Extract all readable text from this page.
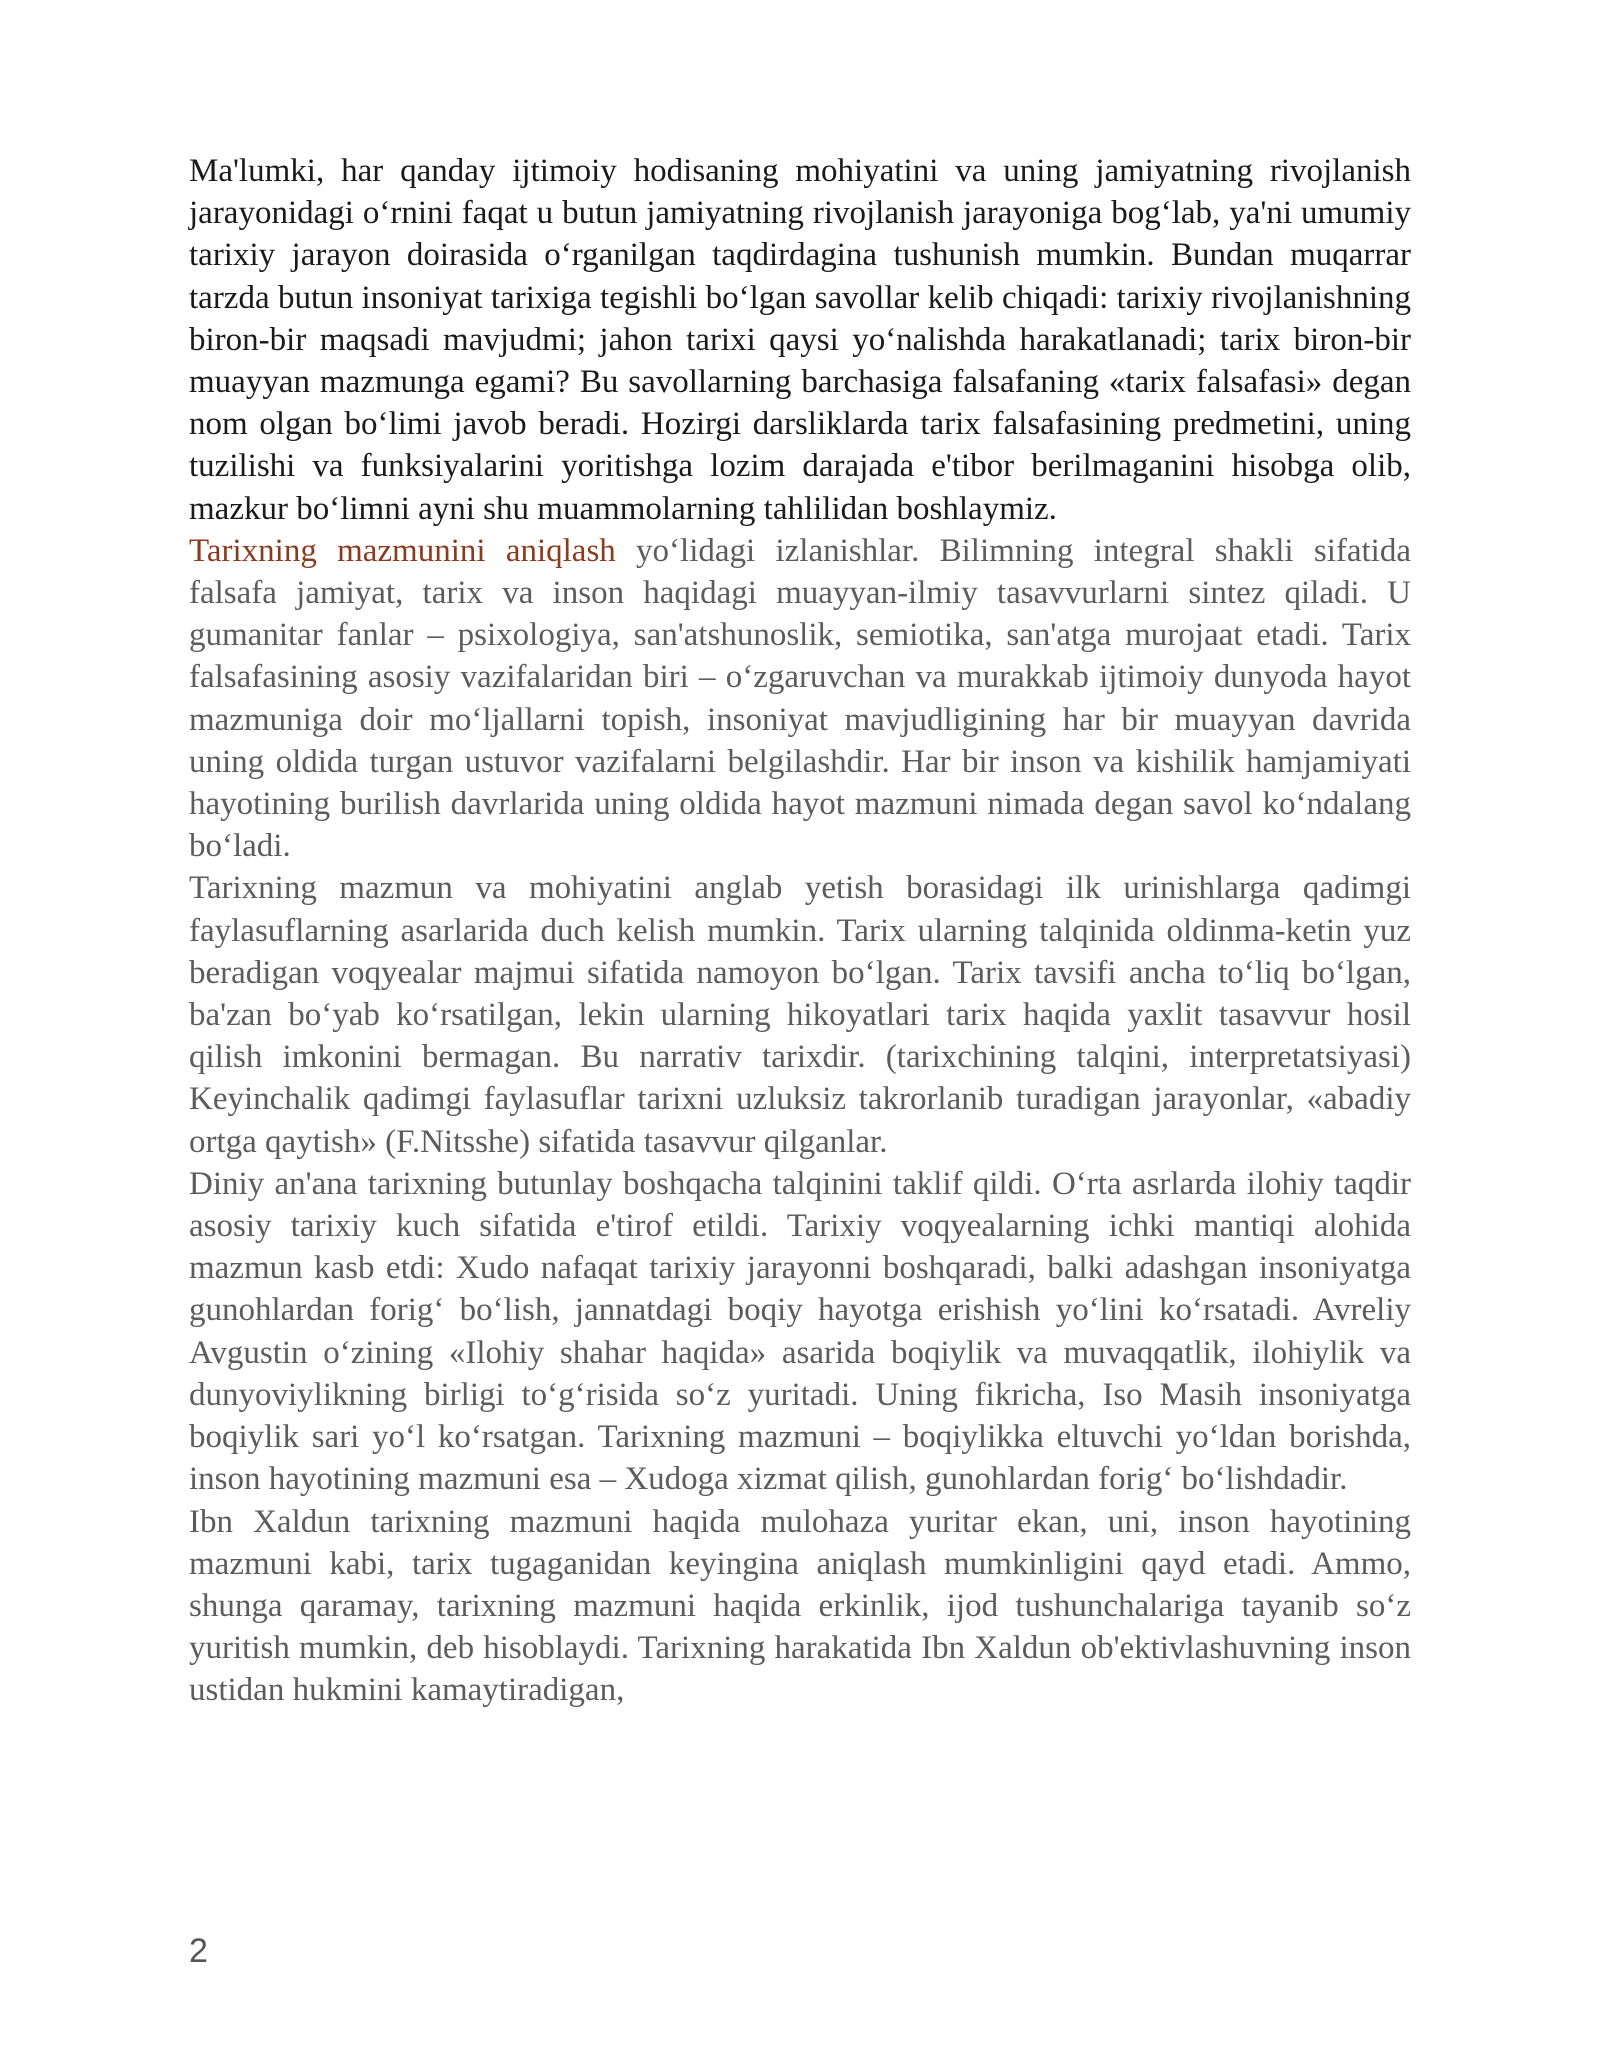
Ma'lumki, har qanday ijtimoiy hodisaning mohiyatini va uning jamiyatning rivojlanish jarayonidagi o‘rnini faqat u butun jamiyatning rivojlanish jarayoniga bog‘lab, ya'ni umumiy tarixiy jarayon doirasida o‘rganilgan taqdirdagina tushunish mumkin. Bundan muqarrar tarzda butun insoniyat tarixiga tegishli bo‘lgan savollar kelib chiqadi: tarixiy rivojlanishning biron-bir maqsadi mavjudmi; jahon tarixi qaysi yo‘nalishda harakatlanadi; tarix biron-bir muayyan mazmunga egami? Bu savollarning barchasiga falsafaning «tarix falsafasi» degan nom olgan bo‘limi javob beradi. Hozirgi darsliklarda tarix falsafasining predmetini, uning tuzilishi va funksiyalarini yoritishga lozim darajada e'tibor berilmaganini hisobga olib, mazkur bo‘limni ayni shu muammolarning tahlilidan boshlaymiz.

Tarixning mazmunini aniqlash yo‘lidagi izlanishlar. Bilimning integral shakli sifatida falsafa jamiyat, tarix va inson haqidagi muayyan-ilmiy tasavvurlarni sintez qiladi. U gumanitar fanlar – psixologiya, san'atshunoslik, semiotika, san'atga murojaat etadi. Tarix falsafasining asosiy vazifalaridan biri – o‘zgaruvchan va murakkab ijtimoiy dunyoda hayot mazmuniga doir mo‘ljallarni topish, insoniyat mavjudligining har bir muayyan davrida uning oldida turgan ustuvor vazifalarni belgilashdir. Har bir inson va kishilik hamjamiyati hayotining burilish davrlarida uning oldida hayot mazmuni nimada degan savol ko‘ndalang bo‘ladi.

Tarixning mazmun va mohiyatini anglab yetish borasidagi ilk urinishlarga qadimgi faylasuflarning asarlarida duch kelish mumkin. Tarix ularning talqinida oldinma-ketin yuz beradigan voqyealar majmui sifatida namoyon bo‘lgan. Tarix tavsifi ancha to‘liq bo‘lgan, ba'zan bo‘yab ko‘rsatilgan, lekin ularning hikoyatlari tarix haqida yaxlit tasavvur hosil qilish imkonini bermagan. Bu narrativ tarixdir. (tarixchining talqini, interpretatsiyasi) Keyinchalik qadimgi faylasuflar tarixni uzluksiz takrorlanib turadigan jarayonlar, «abadiy ortga qaytish» (F.Nitsshe) sifatida tasavvur qilganlar.

Diniy an'ana tarixning butunlay boshqacha talqinini taklif qildi. O‘rta asrlarda ilohiy taqdir asosiy tarixiy kuch sifatida e'tirof etildi. Tarixiy voqyealarning ichki mantiqi alohida mazmun kasb etdi: Xudo nafaqat tarixiy jarayonni boshqaradi, balki adashgan insoniyatga gunohlardan forig‘ bo‘lish, jannatdagi boqiy hayotga erishish yo‘lini ko‘rsatadi. Avreliy Avgustin o‘zining «Ilohiy shahar haqida» asarida boqiylik va muvaqqatlik, ilohiylik va dunyoviylikning birligi to‘g‘risida so‘z yuritadi. Uning fikricha, Iso Masih insoniyatga boqiylik sari yo‘l ko‘rsatgan. Tarixning mazmuni – boqiylikka eltuvchi yo‘ldan borishda, inson hayotining mazmuni esa – Xudoga xizmat qilish, gunohlardan forig‘ bo‘lishdadir.

Ibn Xaldun tarixning mazmuni haqida mulohaza yuritar ekan, uni, inson hayotining mazmuni kabi, tarix tugaganidan keyingina aniqlash mumkinligini qayd etadi. Ammo, shunga qaramay, tarixning mazmuni haqida erkinlik, ijod tushunchalariga tayanib so‘z yuritish mumkin, deb hisoblaydi. Tarixning harakatida Ibn Xaldun ob'ektivlashuvning inson ustidan hukmini kamaytiradigan,

2
